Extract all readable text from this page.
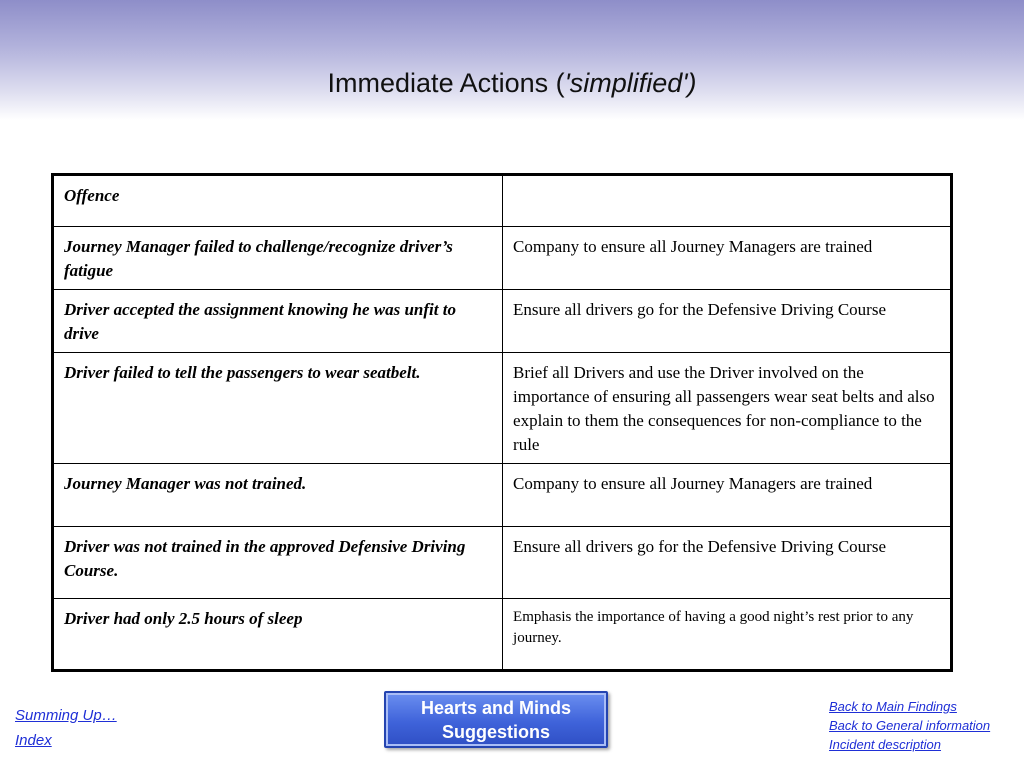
Immediate Actions ('simplified')
Offence	
Journey Manager failed to challenge/recognize driver’s fatigue	Company to ensure all Journey Managers are trained
Driver accepted the assignment knowing he was unfit to drive	Ensure all drivers go for the Defensive Driving Course
Driver failed to tell the passengers to wear seatbelt.	Brief all Drivers and use the Driver involved on the importance of ensuring all passengers wear seat belts and also explain to them the consequences for non-compliance to the rule
Journey Manager was not trained.	Company to ensure all Journey Managers are trained
Driver was not trained in the approved Defensive Driving Course.	Ensure all drivers go for the Defensive Driving Course
Driver had only 2.5 hours of sleep	Emphasis the importance of having a good night’s rest prior to any journey.
Hearts and Minds Suggestions
Summing Up…
Index
Back to Main Findings
Back to General information
Incident description
